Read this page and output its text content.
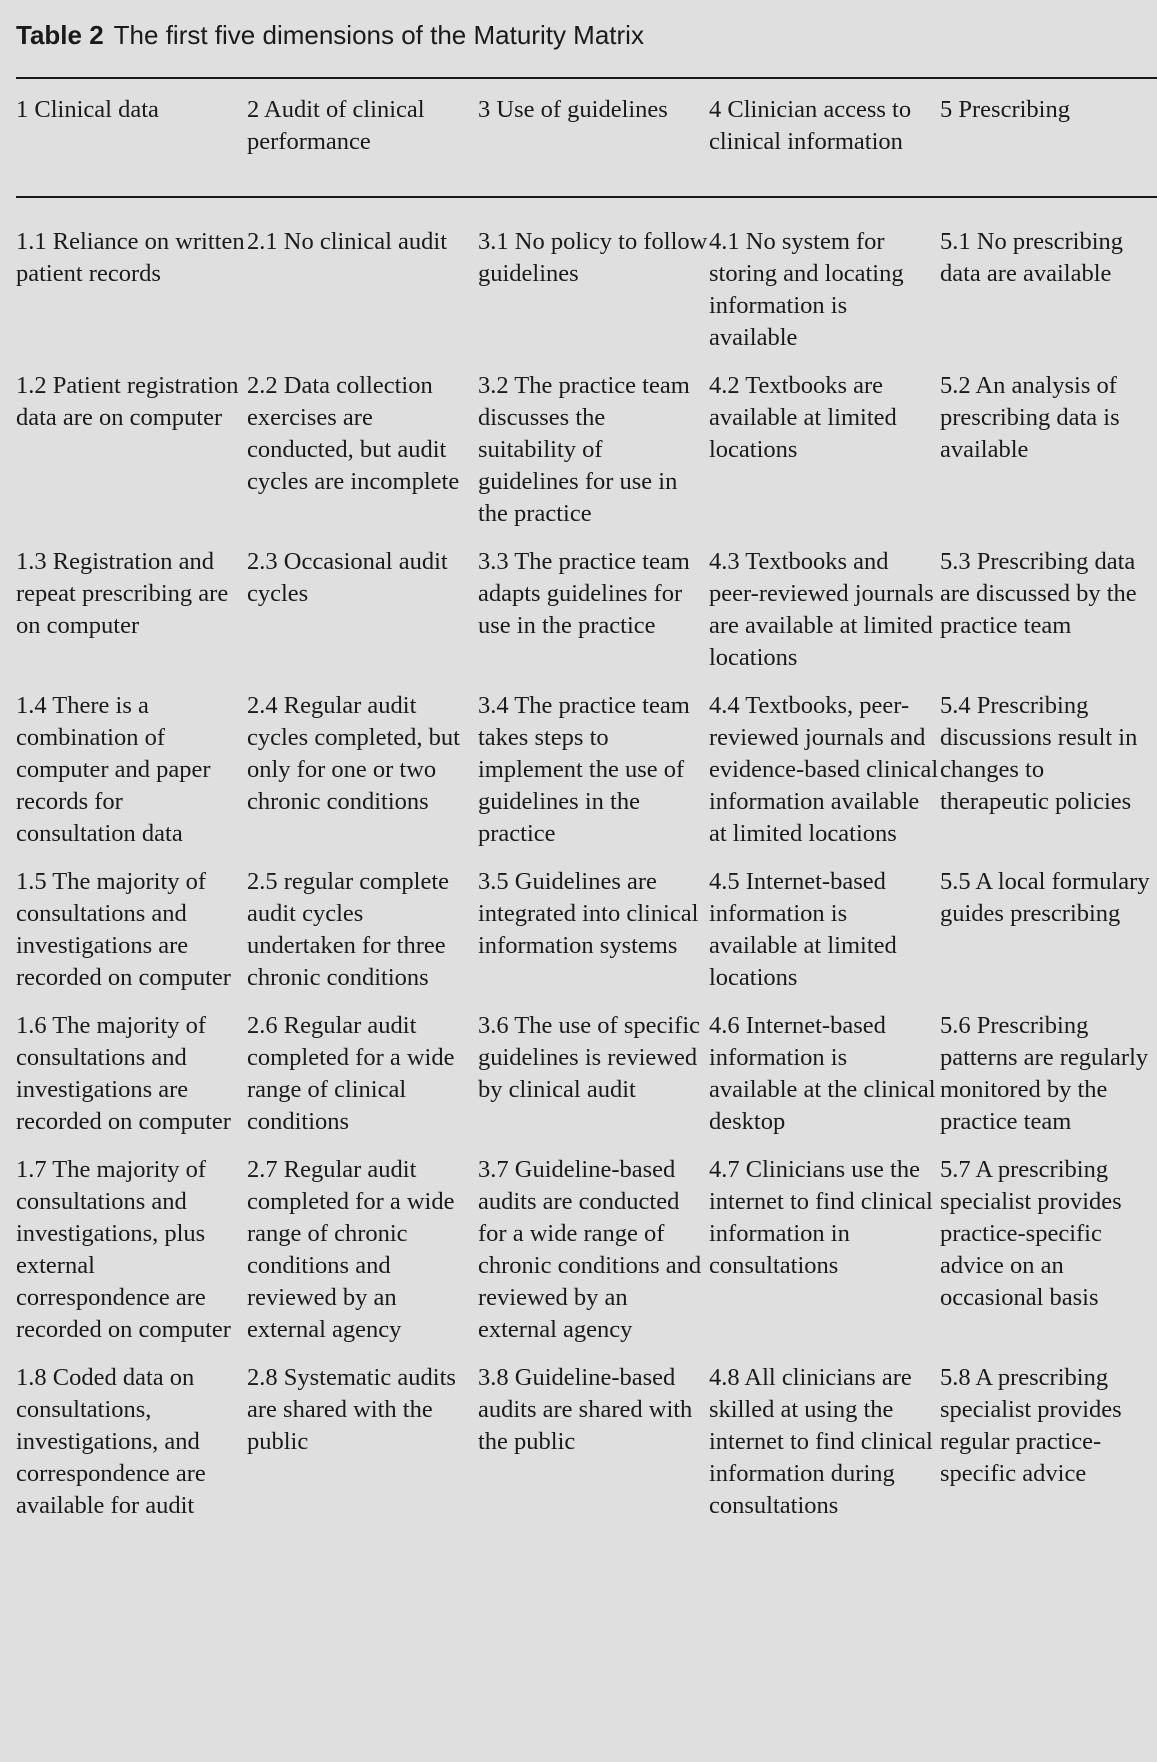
Table 2 The first five dimensions of the Maturity Matrix

1 Clinical data	2 Audit of clinical performance	3 Use of guidelines	4 Clinician access to clinical information	5 Prescribing
1.1 Reliance on written patient records	2.1 No clinical audit	3.1 No policy to follow guidelines	4.1 No system for storing and locating information is available	5.1 No prescribing data are available
1.2 Patient registration data are on computer	2.2 Data collection exercises are conducted, but audit cycles are incomplete	3.2 The practice team discusses the suitability of guidelines for use in the practice	4.2 Textbooks are available at limited locations	5.2 An analysis of prescribing data is available
1.3 Registration and repeat prescribing are on computer	2.3 Occasional audit cycles	3.3 The practice team adapts guidelines for use in the practice	4.3 Textbooks and peer-reviewed journals are available at limited locations	5.3 Prescribing data are discussed by the practice team
1.4 There is a combination of computer and paper records for consultation data	2.4 Regular audit cycles completed, but only for one or two chronic conditions	3.4 The practice team takes steps to implement the use of guidelines in the practice	4.4 Textbooks, peer-reviewed journals and evidence-based clinical information available at limited locations	5.4 Prescribing discussions result in changes to therapeutic policies
1.5 The majority of consultations and investigations are recorded on computer	2.5 regular complete audit cycles undertaken for three chronic conditions	3.5 Guidelines are integrated into clinical information systems	4.5 Internet-based information is available at limited locations	5.5 A local formulary guides prescribing
1.6 The majority of consultations and investigations are recorded on computer	2.6 Regular audit completed for a wide range of clinical conditions	3.6 The use of specific guidelines is reviewed by clinical audit	4.6 Internet-based information is available at the clinical desktop	5.6 Prescribing patterns are regularly monitored by the practice team
1.7 The majority of consultations and investigations, plus external correspondence are recorded on computer	2.7 Regular audit completed for a wide range of chronic conditions and reviewed by an external agency	3.7 Guideline-based audits are conducted for a wide range of chronic conditions and reviewed by an external agency	4.7 Clinicians use the internet to find clinical information in consultations	5.7 A prescribing specialist provides practice-specific advice on an occasional basis
1.8 Coded data on consultations, investigations, and correspondence are available for audit	2.8 Systematic audits are shared with the public	3.8 Guideline-based audits are shared with the public	4.8 All clinicians are skilled at using the internet to find clinical information during consultations	5.8 A prescribing specialist provides regular practice-specific advice
